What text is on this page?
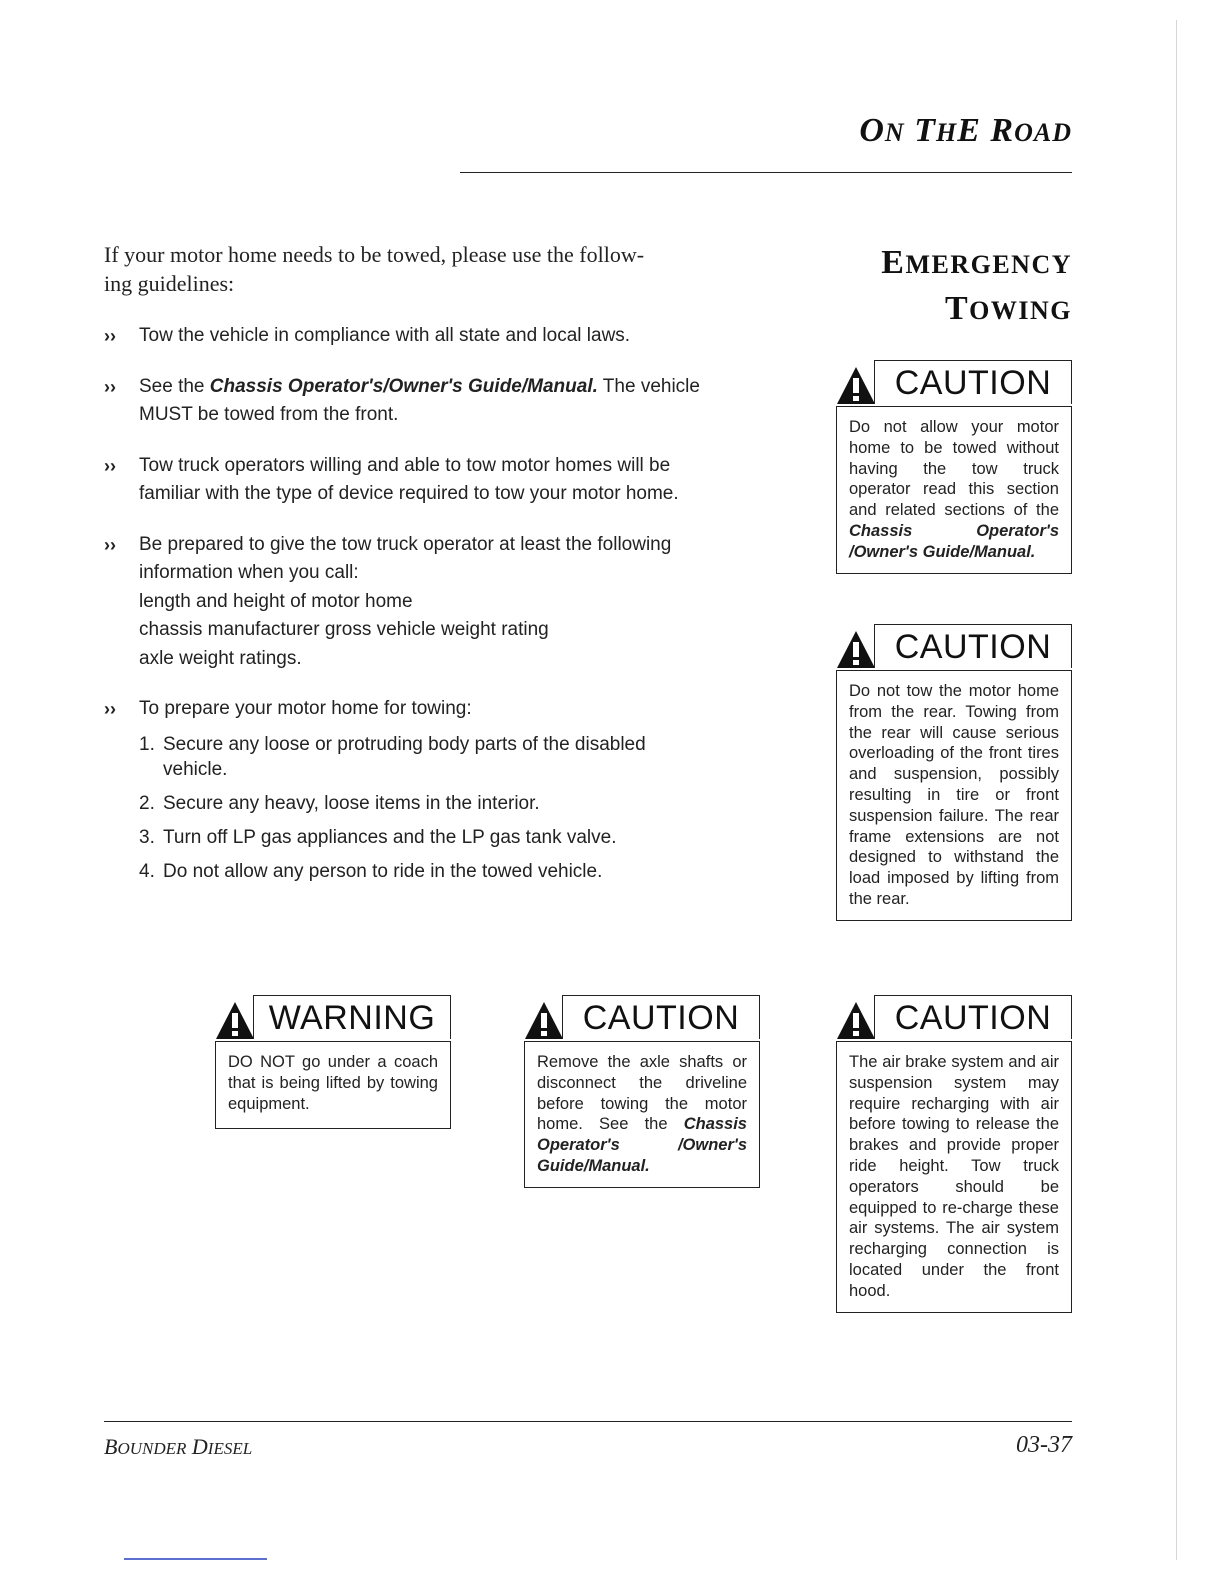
ON THE ROAD
EMERGENCY
TOWING
If your motor home needs to be towed, please use the follow-
ing guidelines:
›› Tow the vehicle in compliance with all state and local laws.
›› See the Chassis Operator's/Owner's Guide/Manual. The vehicle MUST be towed from the front.
›› Tow truck operators willing and able to tow motor homes will be familiar with the type of device required to tow your motor home.
›› Be prepared to give the tow truck operator at least the following information when you call:
length and height of motor home
chassis manufacturer gross vehicle weight rating
axle weight ratings.
›› To prepare your motor home for towing:
1. Secure any loose or protruding body parts of the disabled vehicle.
2. Secure any heavy, loose items in the interior.
3. Turn off LP gas appliances and the LP gas tank valve.
4. Do not allow any person to ride in the towed vehicle.
CAUTION
Do not allow your motor home to be towed without having the tow truck operator read this section and related sections of the Chassis Operator's /Owner's Guide/Manual.
CAUTION
Do not tow the motor home from the rear. Towing from the rear will cause serious overloading of the front tires and suspension, possibly resulting in tire or front suspension failure. The rear frame extensions are not designed to withstand the load imposed by lifting from the rear.
WARNING
DO NOT go under a coach that is being lifted by towing equipment.
CAUTION
Remove the axle shafts or disconnect the driveline before towing the motor home. See the Chassis Operator's /Owner's Guide/Manual.
CAUTION
The air brake system and air suspension system may require recharging with air before towing to release the brakes and provide proper ride height. Tow truck operators should be equipped to re-charge these air systems. The air system recharging connection is located under the front hood.
BOUNDER DIESEL	03-37
